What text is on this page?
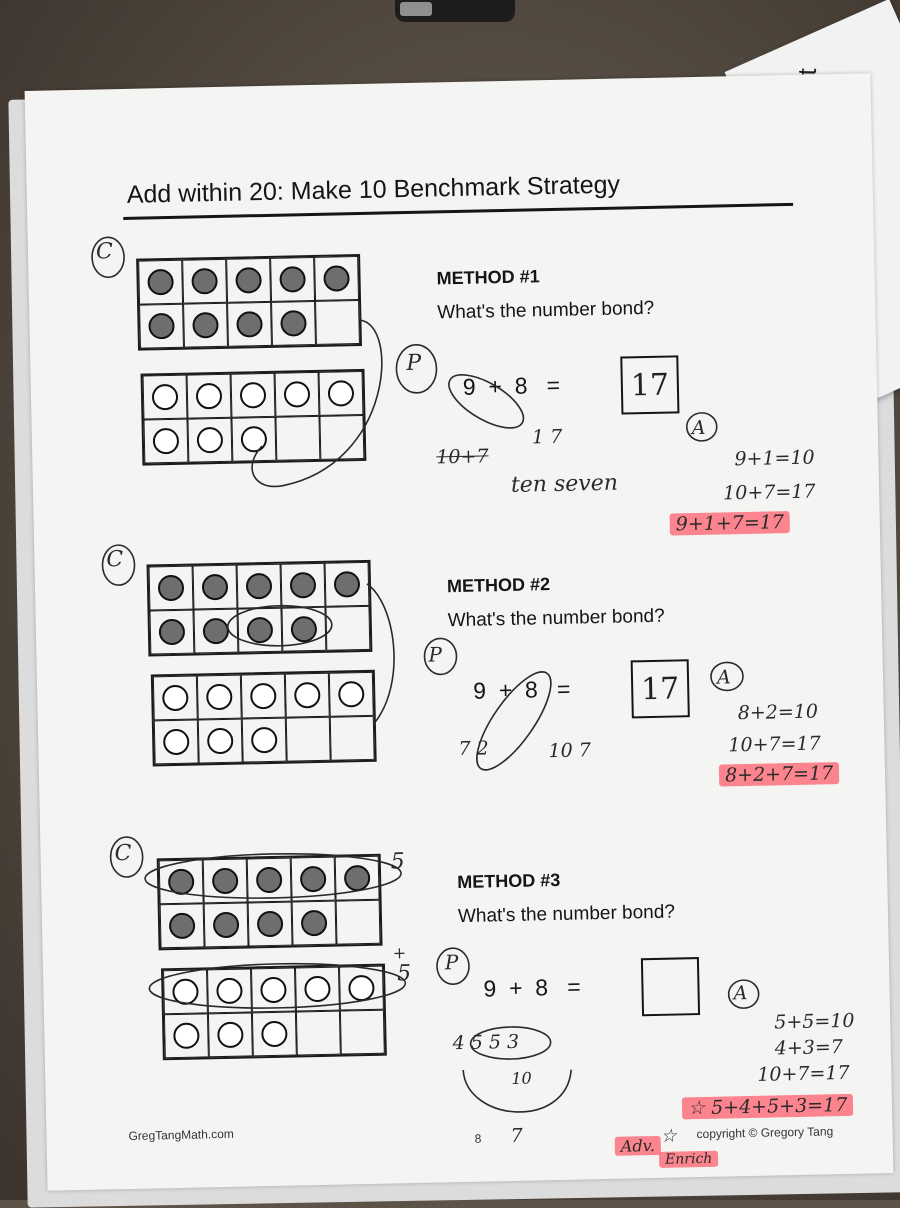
Add within 20: Make 10 Benchmark Strategy
METHOD #1
What's the number bond?
9 + 8 =	17
C
P
A
1 7
10+7
ten seven
9+1=10
10+7=17
9+1+7=17
METHOD #2
What's the number bond?
9 + 8 =	17
C
P
A
7 2	10 7
8+2=10
10+7=17
8+2+7=17
METHOD #3
What's the number bond?
9 + 8 =
C	5
+
5 P
A
4 5 5 3
10
7
5+5=10
4+3=7
10+7=17
☆ 5+4+5+3=17
Adv. ☆
Enrich
GregTangMath.com	8	copyright © Gregory Tang
